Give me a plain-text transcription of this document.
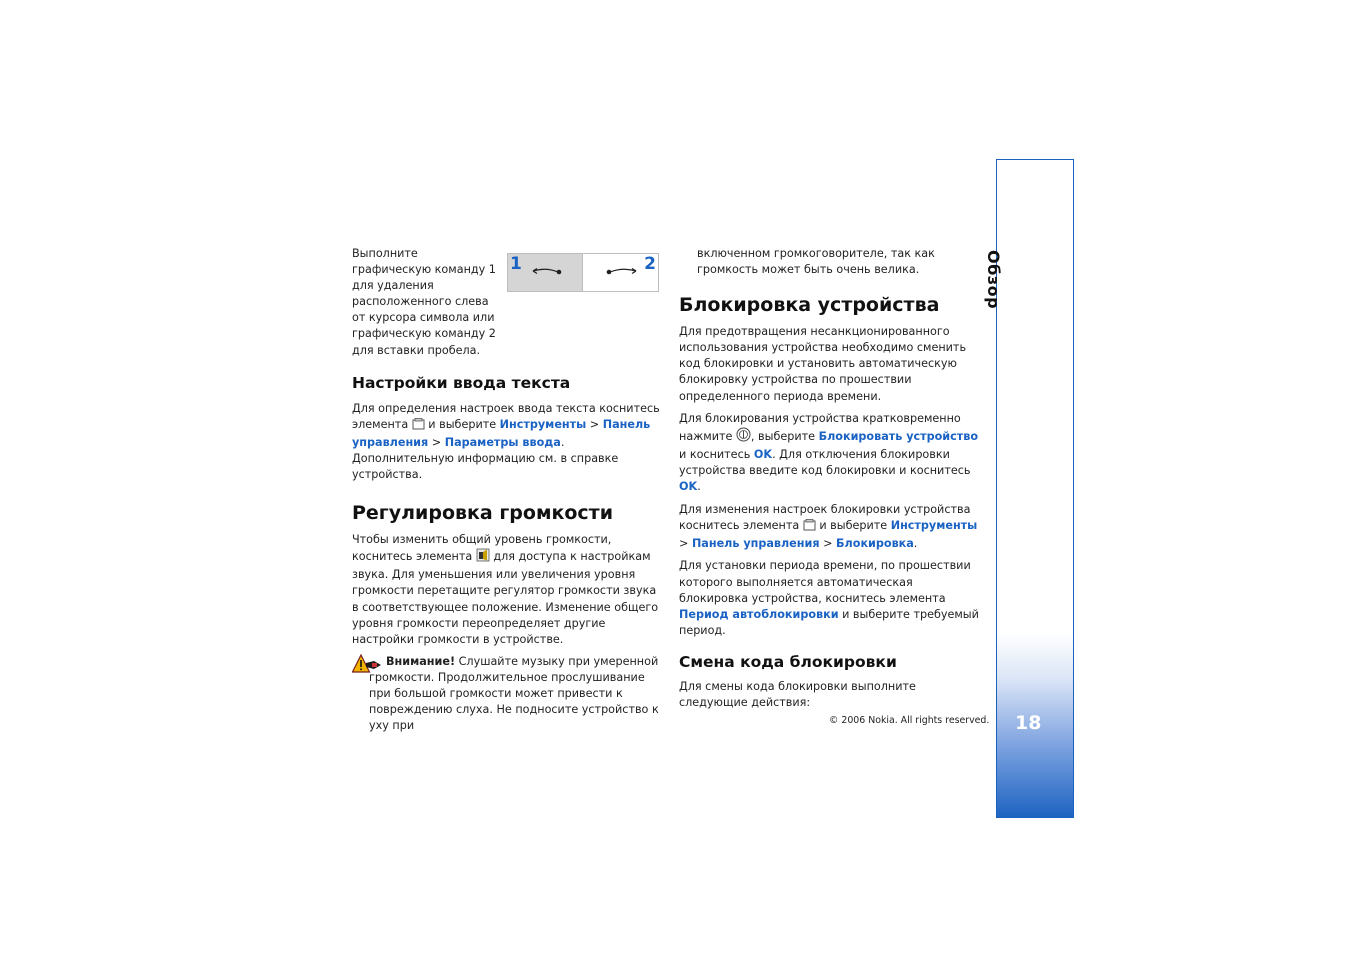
Выполните графическую команду 1 для удаления расположенного слева от курсора символа или графическую команду 2 для вставки пробела.

1	2
Настройки ввода текста

Для определения настроек ввода текста коснитесь элемента  и выберите Инструменты > Панель управления > Параметры ввода. Дополнительную информацию см. в справке устройства.

Регулировка громкости

Чтобы изменить общий уровень громкости, коснитесь элемента  для доступа к настройкам звука. Для уменьшения или увеличения уровня громкости перетащите регулятор громкости звука в соответствующее положение. Изменение общего уровня громкости переопределяет другие настройки громкости в устройстве.

Внимание! Слушайте музыку при умеренной громкости. Продолжительное прослушивание при большой громкости может привести к повреждению слуха. Не подносите устройство к уху при

включенном громкоговорителе, так как громкость может быть очень велика.

Блокировка устройства

Для предотвращения несанкционированного использования устройства необходимо сменить код блокировки и установить автоматическую блокировку устройства по прошествии определенного периода времени.

Для блокирования устройства кратковременно нажмите , выберите Блокировать устройство и коснитесь OK. Для отключения блокировки устройства введите код блокировки и коснитесь OK.

Для изменения настроек блокировки устройства коснитесь элемента  и выберите Инструменты > Панель управления > Блокировка.

Для установки периода времени, по прошествии которого выполняется автоматическая блокировка устройства, коснитесь элемента Период автоблокировки и выберите требуемый период.

Смена кода блокировки

Для смены кода блокировки выполните следующие действия:

© 2006 Nokia. All rights reserved.
Обзор
18
